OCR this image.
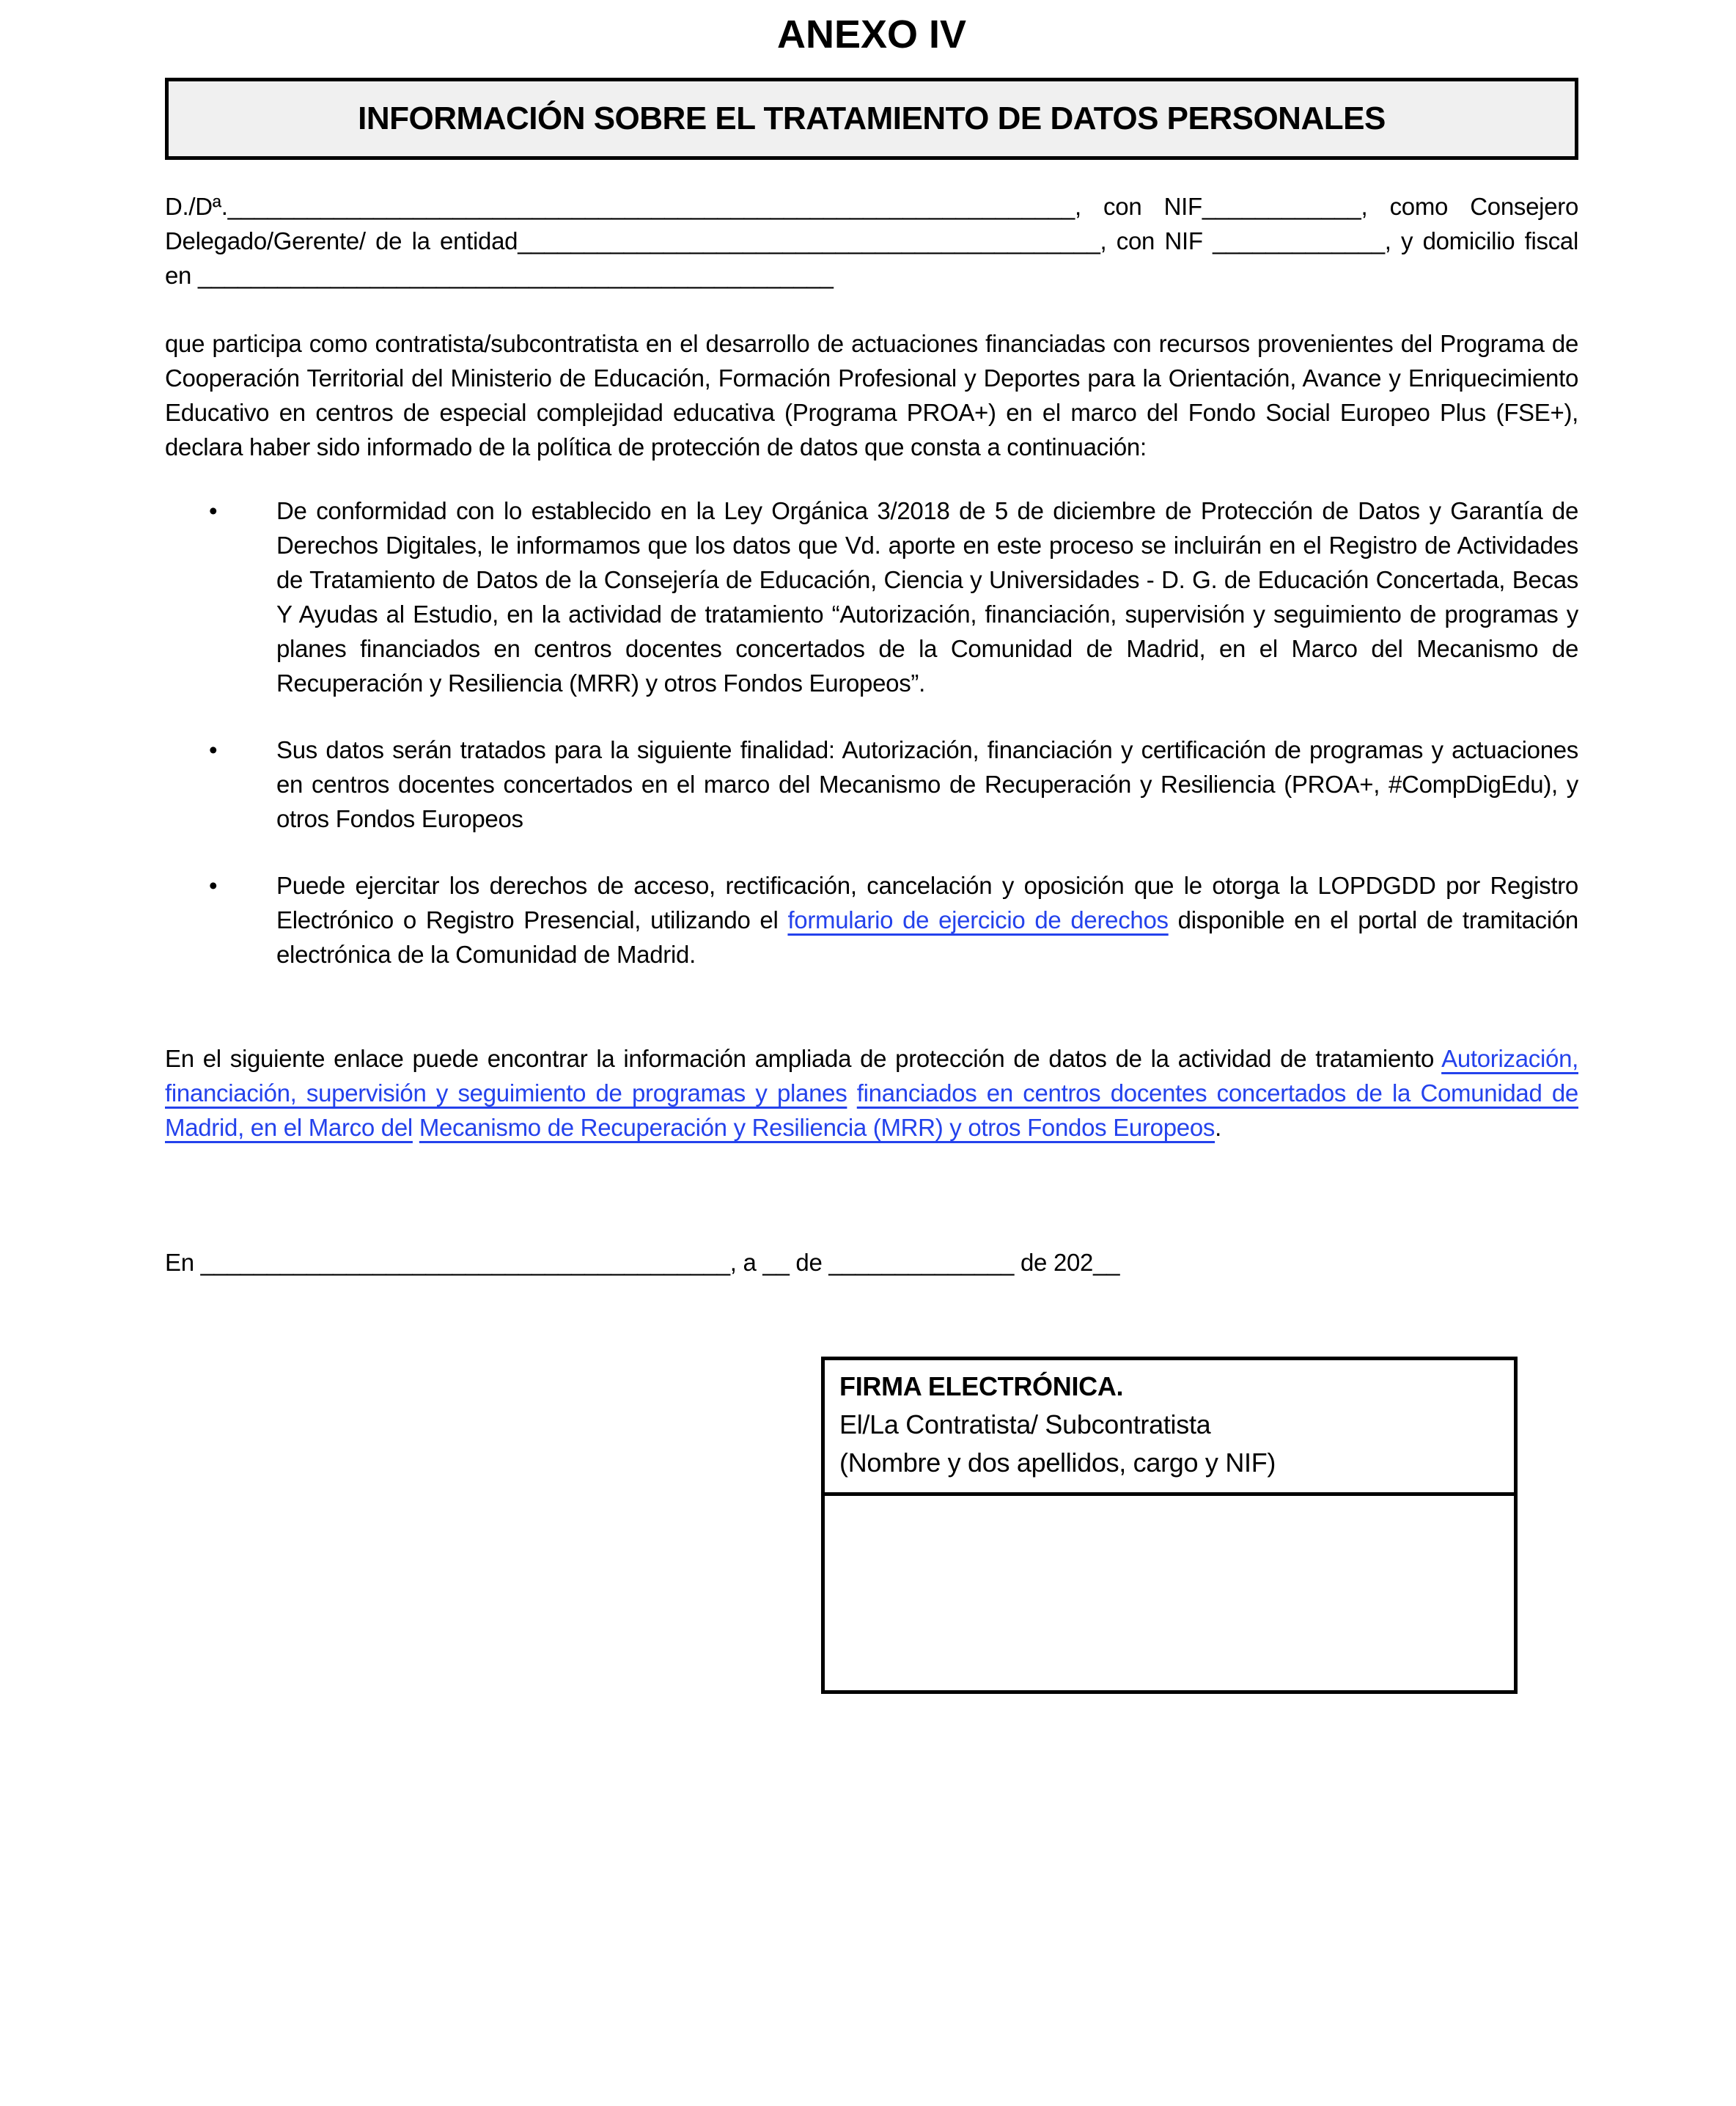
ANEXO IV
INFORMACIÓN SOBRE EL TRATAMIENTO DE DATOS PERSONALES

D./Dª.________________________________________________________________, con NIF____________, como Consejero Delegado/Gerente/ de la entidad____________________________________________, con NIF _____________, y domicilio fiscal en ________________________________________________

que participa como contratista/subcontratista en el desarrollo de actuaciones financiadas con recursos provenientes del Programa de Cooperación Territorial del Ministerio de Educación, Formación Profesional y Deportes para la Orientación, Avance y Enriquecimiento Educativo en centros de especial complejidad educativa (Programa PROA+) en el marco del Fondo Social Europeo Plus (FSE+), declara haber sido informado de la política de protección de datos que consta a continuación:

• De conformidad con lo establecido en la Ley Orgánica 3/2018 de 5 de diciembre de Protección de Datos y Garantía de Derechos Digitales, le informamos que los datos que Vd. aporte en este proceso se incluirán en el Registro de Actividades de Tratamiento de Datos de la Consejería de Educación, Ciencia y Universidades - D. G. de Educación Concertada, Becas Y Ayudas al Estudio, en la actividad de tratamiento “Autorización, financiación, supervisión y seguimiento de programas y planes financiados en centros docentes concertados de la Comunidad de Madrid, en el Marco del Mecanismo de Recuperación y Resiliencia (MRR) y otros Fondos Europeos”.
• Sus datos serán tratados para la siguiente finalidad: Autorización, financiación y certificación de programas y actuaciones en centros docentes concertados en el marco del Mecanismo de Recuperación y Resiliencia (PROA+, #CompDigEdu), y otros Fondos Europeos
• Puede ejercitar los derechos de acceso, rectificación, cancelación y oposición que le otorga la LOPDGDD por Registro Electrónico o Registro Presencial, utilizando el formulario de ejercicio de derechos disponible en el portal de tramitación electrónica de la Comunidad de Madrid.

En el siguiente enlace puede encontrar la información ampliada de protección de datos de la actividad de tratamiento Autorización, financiación, supervisión y seguimiento de programas y planes financiados en centros docentes concertados de la Comunidad de Madrid, en el Marco del Mecanismo de Recuperación y Resiliencia (MRR) y otros Fondos Europeos.

En ________________________________________, a __ de ______________ de 202__

FIRMA ELECTRÓNICA.
El/La Contratista/ Subcontratista
(Nombre y dos apellidos, cargo y NIF)
